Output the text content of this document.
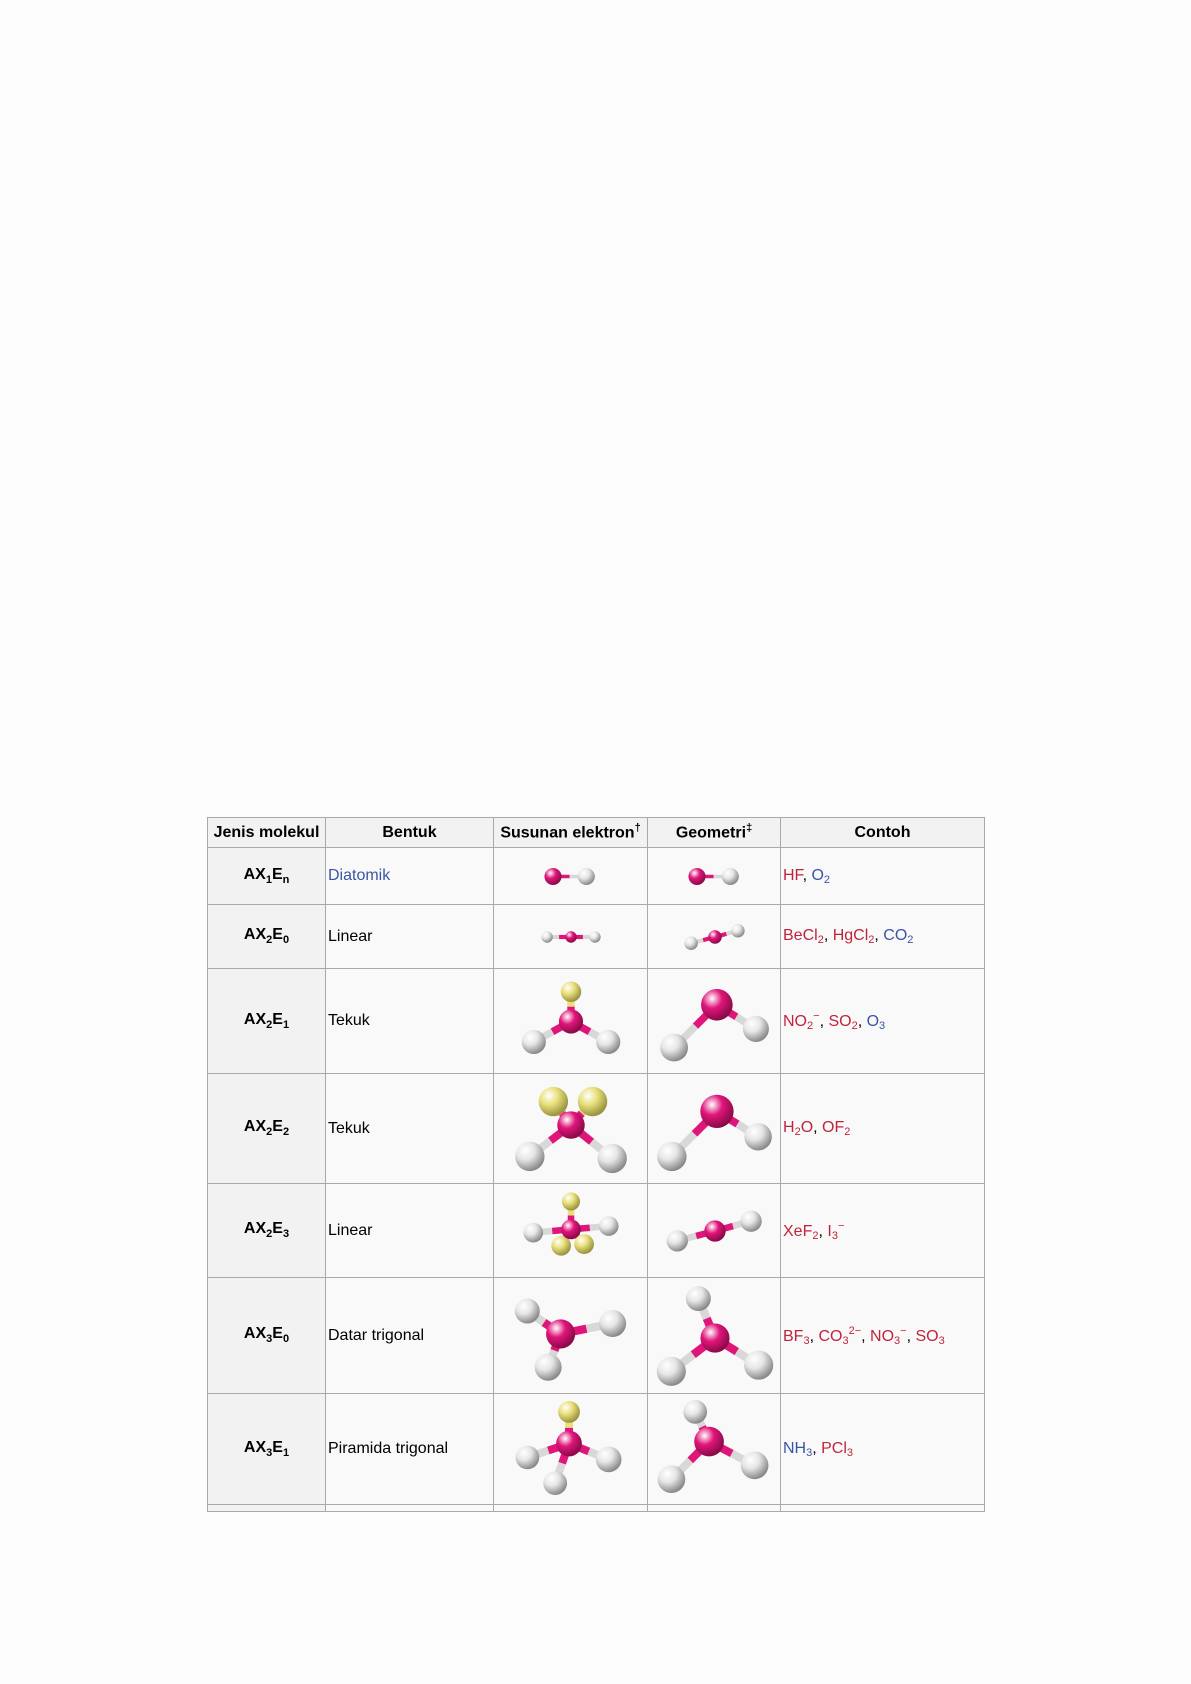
Jenis molekul	Bentuk	Susunan elektron†	Geometri‡	Contoh
$AX_1E_n$	Diatomik			HF, O2
$AX_2E_0$	Linear			BeCl2, HgCl2, CO2
$AX_2E_1$	Tekuk			NO2−, SO2, O3
$AX_2E_2$	Tekuk			H2O, OF2
$AX_2E_3$	Linear			XeF2, I3−
$AX_3E_0$	Datar trigonal			BF3, $CO3^{2-}$, NO3−, SO3
$AX_3E_1$	Piramida trigonal			NH3, PCl3
